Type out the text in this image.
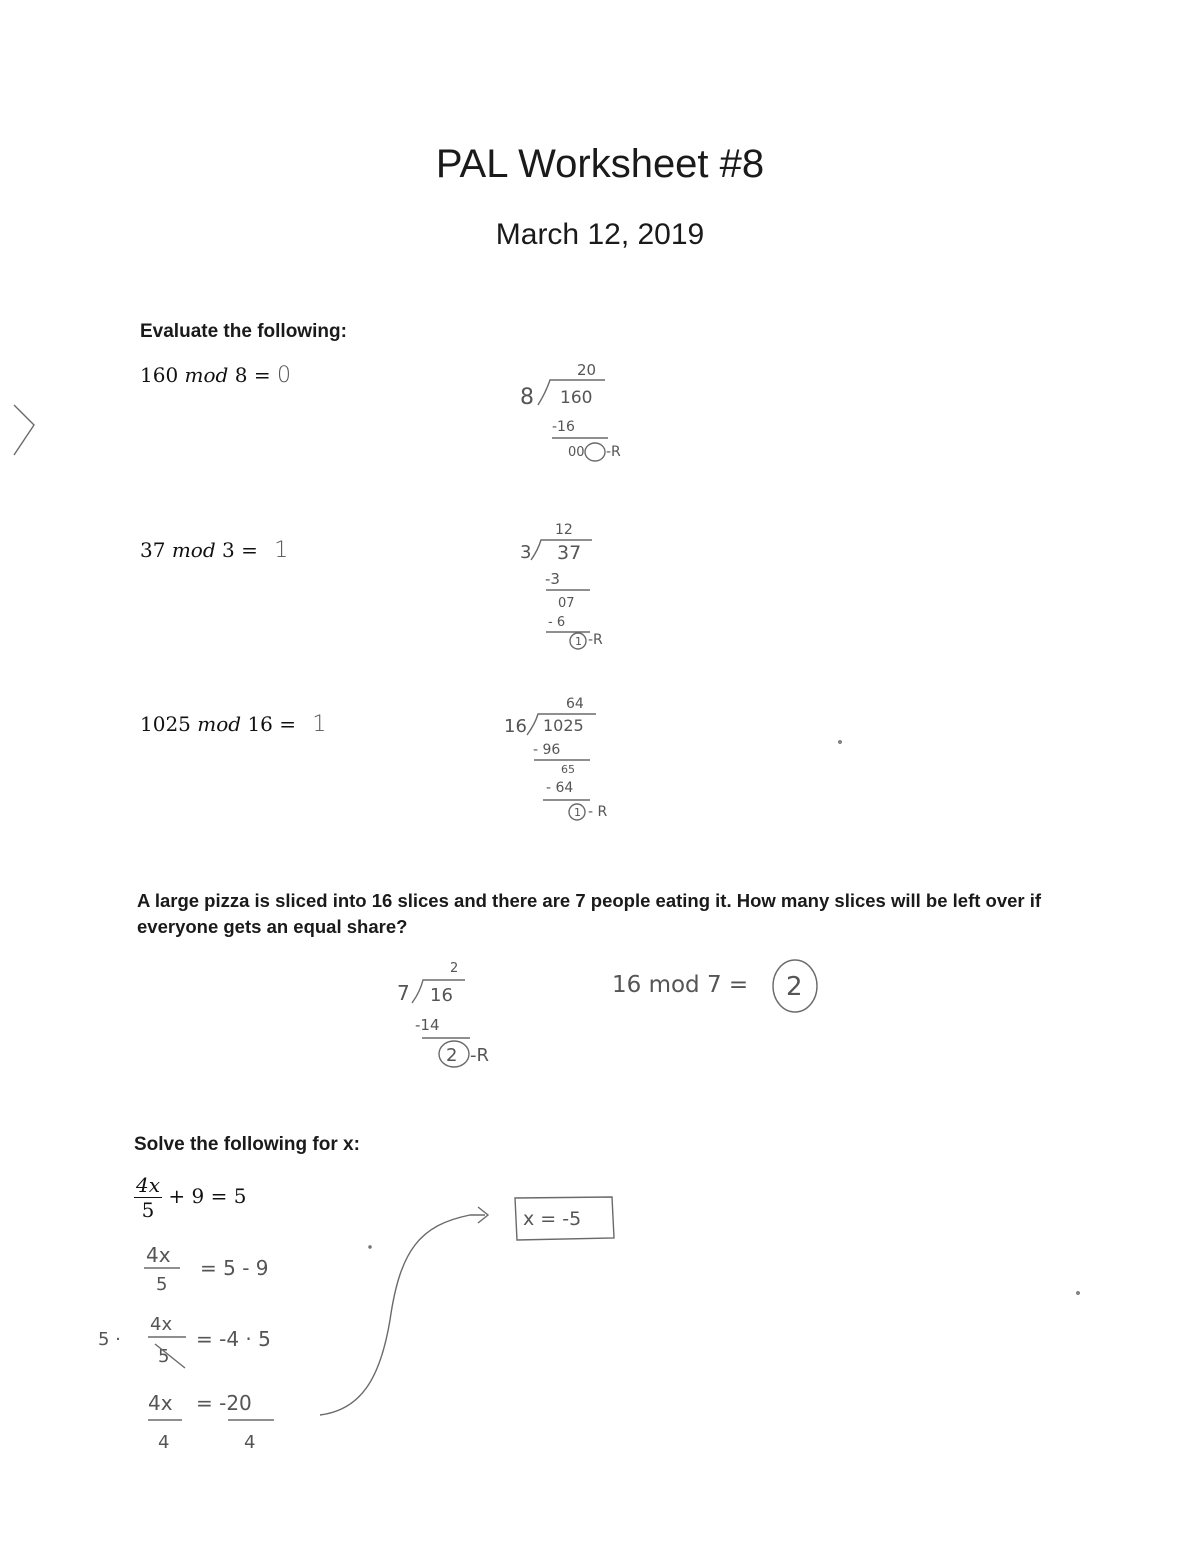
PAL Worksheet #8
March 12, 2019
Evaluate the following:
160 mod 8 = 0
37 mod 3 = 1
1025 mod 16 = 1
20
8 160
-16
00 -R
12
3 37
-3
07
- 6
1 -R
64
16 1025
- 96
65
- 64
1 - R
2
7 16
-14
2 -R
16 mod 7 = 2
4x
5
= 5 - 9
5 ·
4x
5
= -4 · 5
4x = -20
4	4
x = -5
A large pizza is sliced into 16 slices and there are 7 people eating it. How many slices will be left over if everyone gets an equal share?
Solve the following for x:
$\frac{4x}{5} + 9 = 5$
